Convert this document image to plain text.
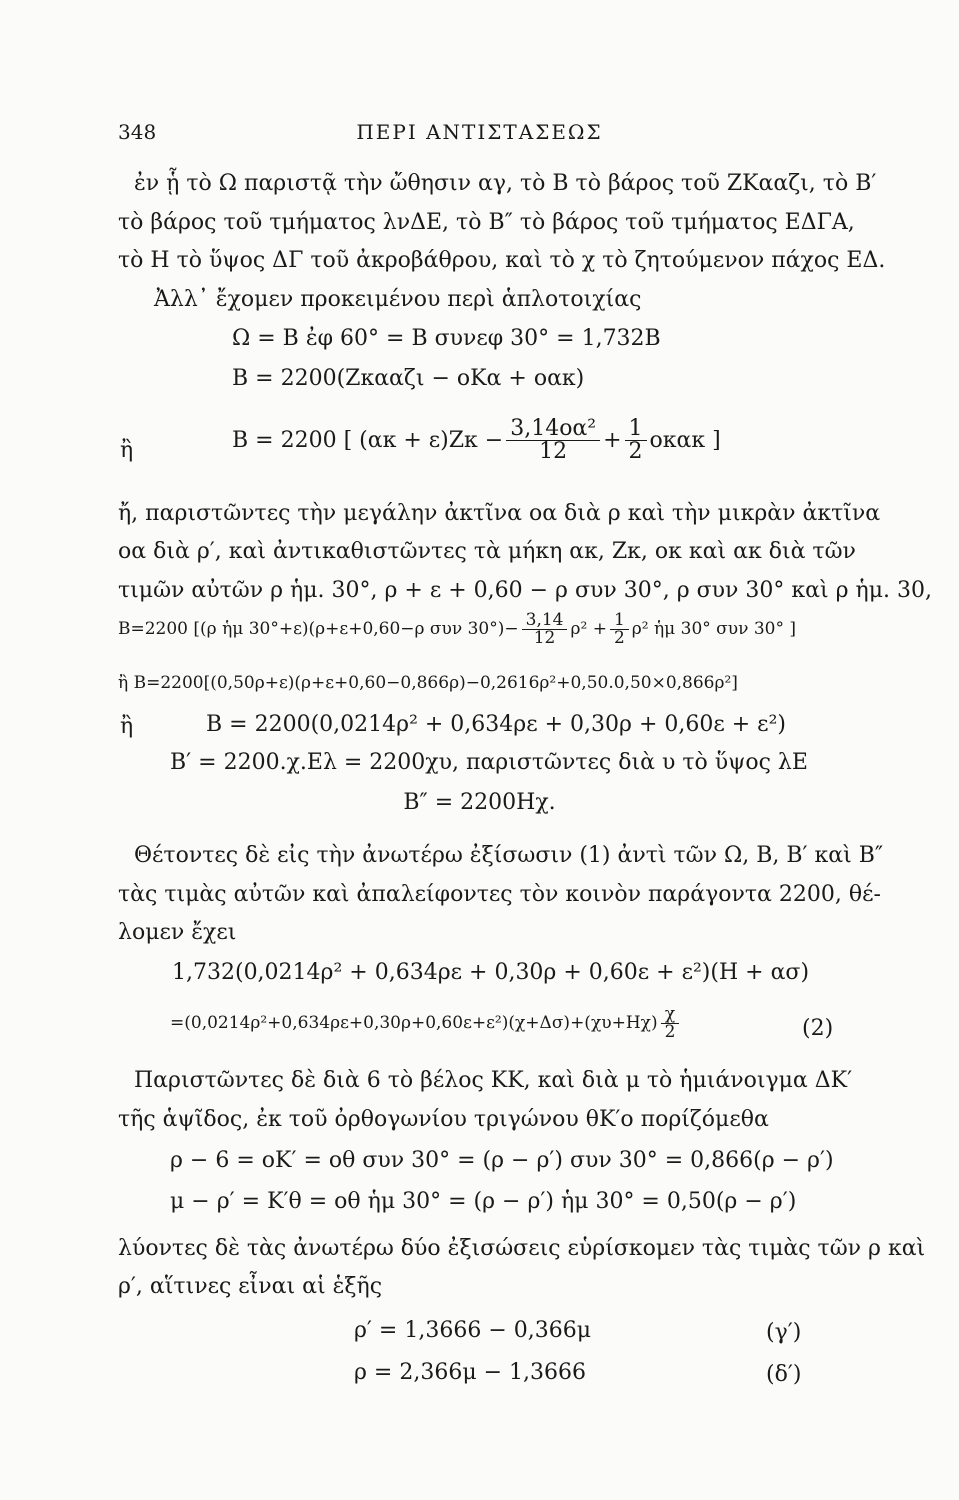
348	ΠΕΡΙ ΑΝΤΙΣΤΑΣΕΩΣ
ἐν ᾗ τὸ Ω παριστᾷ τὴν ὤθησιν αγ, τὸ Β τὸ βάρος τοῦ ΖΚααζι, τὸ Β′
τὸ βάρος τοῦ τμήματος λνΔΕ, τὸ Β″ τὸ βάρος τοῦ τμήματος ΕΔΓΑ,
τὸ Η τὸ ὕψος ΔΓ τοῦ ἀκροβάθρου, καὶ τὸ χ τὸ ζητούμενον πάχος ΕΔ.
Ἀλλ᾽ ἔχομεν προκειμένου περὶ ἁπλοτοιχίας
Ω = Β ἐφ 60° = Β συνεφ 30° = 1,732Β
Β = 2200(Ζκααζι − οΚα + οακ)
ἢ	Β = 2200 [ $(\alpha\kappa + \varepsilon)Z\kappa - \frac{\text{3,14οα²}}{12} + \frac{1}{2}$ οκακ ]
ἤ, παριστῶντες τὴν μεγάλην ἀκτῖνα οα διὰ ρ καὶ τὴν μικρὰν ἀκτῖνα
οα διὰ ρ′, καὶ ἀντικαθιστῶντες τὰ μήκη ακ, Ζκ, οκ καὶ ακ διὰ τῶν
τιμῶν αὐτῶν ρ ἡμ. 30°, ρ + ε + 0,60 − ρ συν 30°, ρ συν 30° καὶ ρ ἡμ. 30,
Β=2200 [(ρ ἡμ 30°+ε)(ρ+ε+0,60−ρ συν $30^\circ)- \frac{3,14}{12} \rho^2 + \frac{1}{2} \rho^2$ ἡμ 30° συν 30° ]
ἢ Β=2200[(0,50ρ+ε)(ρ+ε+0,60−0,866ρ)−0,2616ρ²+0,50.0,50×0,866ρ²]
ἢ	Β = 2200(0,0214ρ² + 0,634ρε + 0,30ρ + 0,60ε + ε²)
Β′ = 2200.χ.Ελ = 2200χυ, παριστῶντες διὰ υ τὸ ὕψος λΕ
Β″ = 2200Ηχ.
Θέτοντες δὲ εἰς τὴν ἀνωτέρω ἐξίσωσιν (1) ἀντὶ τῶν Ω, Β, Β′ καὶ Β″
τὰς τιμὰς αὐτῶν καὶ ἀπαλείφοντες τὸν κοινὸν παράγοντα 2200, θέ-
λομεν ἔχει
1,732(0,0214ρ² + 0,634ρε + 0,30ρ + 0,60ε + ε²)(Η + ασ)
$=(0,0214\rho^2+0,634\rho\varepsilon+0,30\rho+0,60\varepsilon+\varepsilon^2)(\chi+\Delta\sigma)+(\chi\upsilon+H\chi) \frac{\chi}{2}$	(2)
Παριστῶντες δὲ διὰ 6 τὸ βέλος ΚΚ, καὶ διὰ μ τὸ ἡμιάνοιγμα ΔΚ′
τῆς ἁψῖδος, ἐκ τοῦ ὀρθογωνίου τριγώνου θΚ′ο πορίζόμεθα
ρ − 6 = οΚ′ = οθ συν 30° = (ρ − ρ′) συν 30° = 0,866(ρ − ρ′)
μ − ρ′ = Κ′θ = οθ ἡμ 30° = (ρ − ρ′) ἡμ 30° = 0,50(ρ − ρ′)
λύοντες δὲ τὰς ἀνωτέρω δύο ἐξισώσεις εὑρίσκομεν τὰς τιμὰς τῶν ρ καὶ
ρ′, αἵτινες εἶναι αἱ ἑξῆς
ρ′ = 1,3666 − 0,366μ	(γ′)
ρ = 2,366μ − 1,3666	(δ′)
